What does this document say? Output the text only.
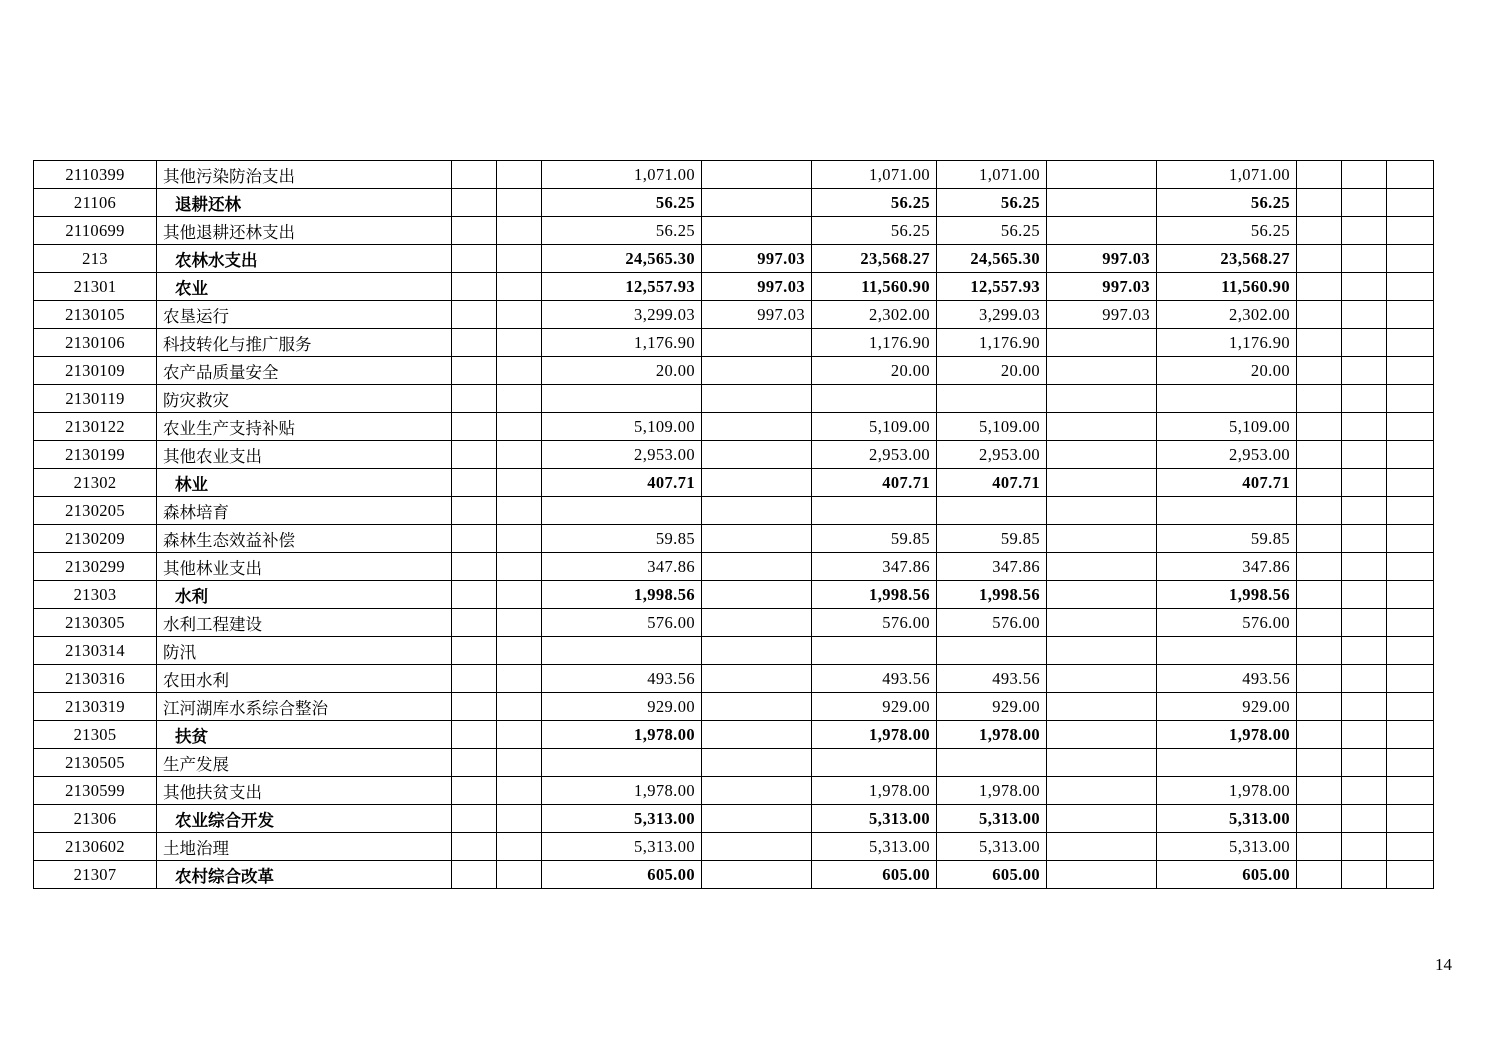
2110399	其他污染防治支出			1,071.00		1,071.00	1,071.00		1,071.00			
21106	退耕还林			56.25		56.25	56.25		56.25			
2110699	其他退耕还林支出			56.25		56.25	56.25		56.25			
213	农林水支出			24,565.30	997.03	23,568.27	24,565.30	997.03	23,568.27			
21301	农业			12,557.93	997.03	11,560.90	12,557.93	997.03	11,560.90			
2130105	农垦运行			3,299.03	997.03	2,302.00	3,299.03	997.03	2,302.00			
2130106	科技转化与推广服务			1,176.90		1,176.90	1,176.90		1,176.90			
2130109	农产品质量安全			20.00		20.00	20.00		20.00			
2130119	防灾救灾											
2130122	农业生产支持补贴			5,109.00		5,109.00	5,109.00		5,109.00			
2130199	其他农业支出			2,953.00		2,953.00	2,953.00		2,953.00			
21302	林业			407.71		407.71	407.71		407.71			
2130205	森林培育											
2130209	森林生态效益补偿			59.85		59.85	59.85		59.85			
2130299	其他林业支出			347.86		347.86	347.86		347.86			
21303	水利			1,998.56		1,998.56	1,998.56		1,998.56			
2130305	水利工程建设			576.00		576.00	576.00		576.00			
2130314	防汛											
2130316	农田水利			493.56		493.56	493.56		493.56			
2130319	江河湖库水系综合整治			929.00		929.00	929.00		929.00			
21305	扶贫			1,978.00		1,978.00	1,978.00		1,978.00			
2130505	生产发展											
2130599	其他扶贫支出			1,978.00		1,978.00	1,978.00		1,978.00			
21306	农业综合开发			5,313.00		5,313.00	5,313.00		5,313.00			
2130602	土地治理			5,313.00		5,313.00	5,313.00		5,313.00			
21307	农村综合改革			605.00		605.00	605.00		605.00			
14
